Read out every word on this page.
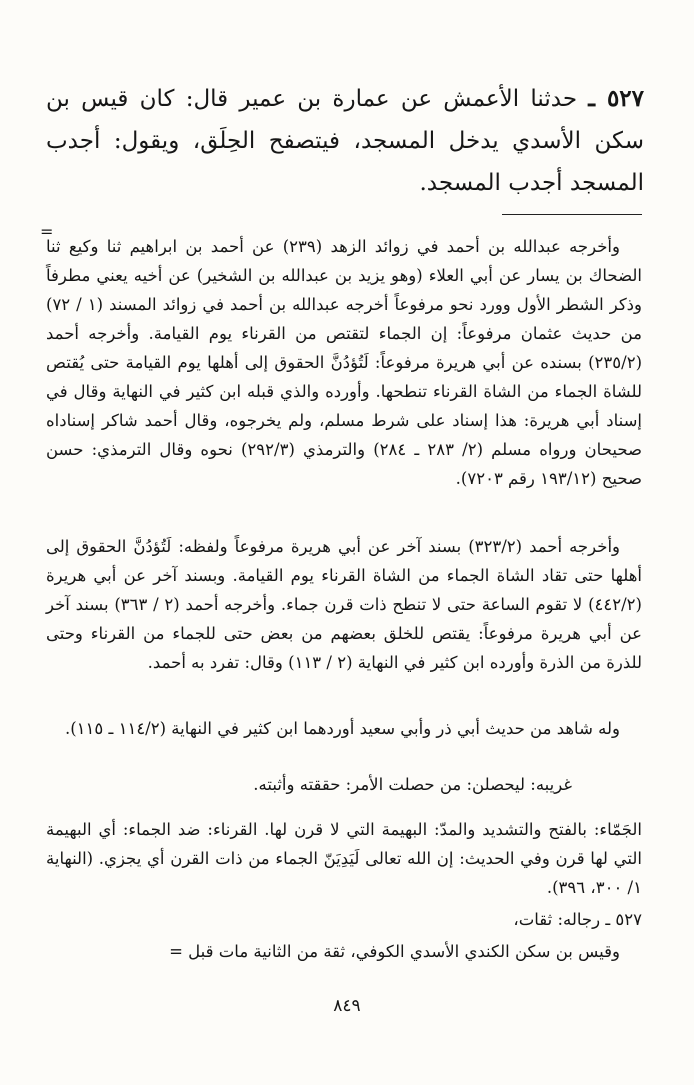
٥٢٧ ـ حدثنا الأعمش عن عمارة بن عمير قال: كان قيس بن سكن الأسدي يدخل المسجد، فيتصفح الحِلَق، ويقول: أجدب المسجد أجدب المسجد.
=

وأخرجه عبدالله بن أحمد في زوائد الزهد (٢٣٩) عن أحمد بن ابراهيم ثنا وكيع ثنا الضحاك بن يسار عن أبي العلاء (وهو يزيد بن عبدالله بن الشخير) عن أخيه يعني مطرفاً وذكر الشطر الأول وورد نحو مرفوعاً أخرجه عبدالله بن أحمد في زوائد المسند (١ / ٧٢) من حديث عثمان مرفوعاً: إن الجماء لتقتص من القرناء يوم القيامة. وأخرجه أحمد (٢٣٥/٢) بسنده عن أبي هريرة مرفوعاً: لَتُؤدُنَّ الحقوق إلى أهلها يوم القيامة حتى يُقتص للشاة الجماء من الشاة القرناء تنطحها. وأورده والذي قبله ابن كثير في النهاية وقال في إسناد أبي هريرة: هذا إسناد على شرط مسلم، ولم يخرجوه، وقال أحمد شاكر إسناداه صحيحان ورواه مسلم (٢/ ٢٨٣ ـ ٢٨٤) والترمذي (٢٩٢/٣) نحوه وقال الترمذي: حسن صحيح (١٩٣/١٢ رقم ٧٢٠٣).

وأخرجه أحمد (٣٢٣/٢) بسند آخر عن أبي هريرة مرفوعاً ولفظه: لَتُؤدُنَّ الحقوق إلى أهلها حتى تقاد الشاة الجماء من الشاة القرناء يوم القيامة. وبسند آخر عن أبي هريرة (٤٤٢/٢) لا تقوم الساعة حتى لا تنطح ذات قرن جماء. وأخرجه أحمد (٢ / ٣٦٣) بسند آخر عن أبي هريرة مرفوعاً: يقتص للخلق بعضهم من بعض حتى للجماء من القرناء وحتى للذرة من الذرة وأورده ابن كثير في النهاية (٢ / ١١٣) وقال: تفرد به أحمد.

وله شاهد من حديث أبي ذر وأبي سعيد أوردهما ابن كثير في النهاية (١١٤/٢ ـ ١١٥).

غريبه: ليحصلن: من حصلت الأمر: حققته وأثبته.

الجَمّاء: بالفتح والتشديد والمدّ: البهيمة التي لا قرن لها. القرناء: ضد الجماء: أي البهيمة التي لها قرن وفي الحديث: إن الله تعالى لَيَدِيَنّ الجماء من ذات القرن أي يجزي. (النهاية ١/ ٣٠٠، ٣٩٦).

٥٢٧ ـ رجاله: ثقات،

وقيس بن سكن الكندي الأسدي الكوفي، ثقة من الثانية مات قبل =

٨٤٩
